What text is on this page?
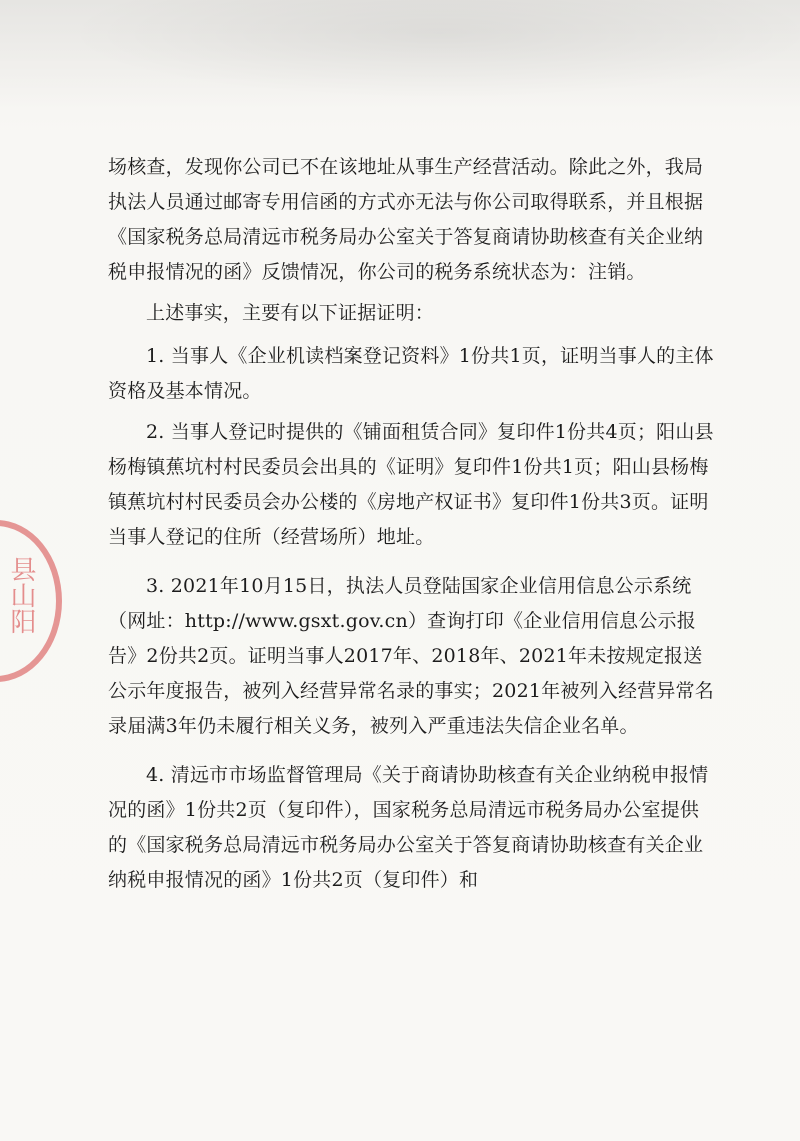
县山阳

场核查，发现你公司已不在该地址从事生产经营活动。除此之外，我局执法人员通过邮寄专用信函的方式亦无法与你公司取得联系，并且根据《国家税务总局清远市税务局办公室关于答复商请协助核查有关企业纳税申报情况的函》反馈情况，你公司的税务系统状态为：注销。

上述事实，主要有以下证据证明：

1. 当事人《企业机读档案登记资料》1份共1页，证明当事人的主体资格及基本情况。

2. 当事人登记时提供的《铺面租赁合同》复印件1份共4页；阳山县杨梅镇蕉坑村村民委员会出具的《证明》复印件1份共1页；阳山县杨梅镇蕉坑村村民委员会办公楼的《房地产权证书》复印件1份共3页。证明当事人登记的住所（经营场所）地址。

3. 2021年10月15日，执法人员登陆国家企业信用信息公示系统（网址：http://www.gsxt.gov.cn）查询打印《企业信用信息公示报告》2份共2页。证明当事人2017年、2018年、2021年未按规定报送公示年度报告，被列入经营异常名录的事实；2021年被列入经营异常名录届满3年仍未履行相关义务，被列入严重违法失信企业名单。

4. 清远市市场监督管理局《关于商请协助核查有关企业纳税申报情况的函》1份共2页（复印件），国家税务总局清远市税务局办公室提供的《国家税务总局清远市税务局办公室关于答复商请协助核查有关企业纳税申报情况的函》1份共2页（复印件）和
